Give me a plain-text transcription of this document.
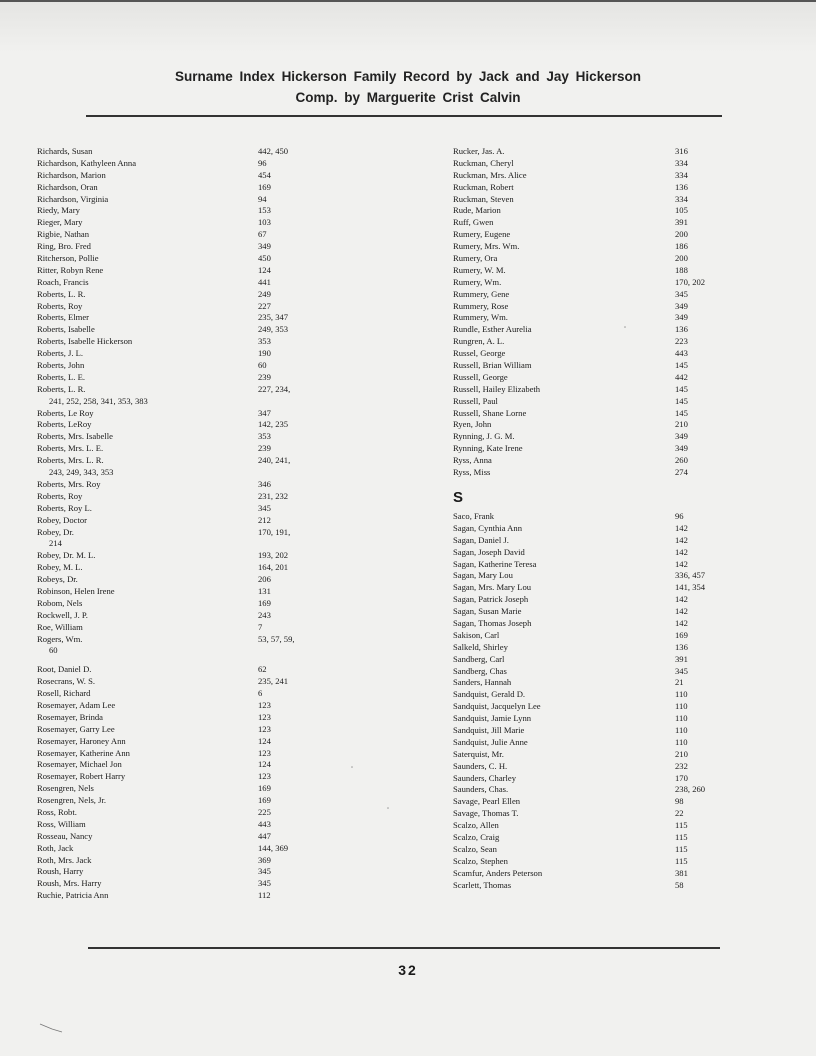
Surname Index Hickerson Family Record by Jack and Jay Hickerson
Comp. by Marguerite Crist Calvin
Richards, Susan	442, 450
Richardson, Kathyleen Anna	96
Richardson, Marion	454
Richardson, Oran	169
Richardson, Virginia	94
Riedy, Mary	153
Rieger, Mary	103
Rigbie, Nathan	67
Ring, Bro. Fred	349
Ritcherson, Pollie	450
Ritter, Robyn Rene	124
Roach, Francis	441
Roberts, L. R.	249
Roberts, Roy	227
Roberts, Elmer	235, 347
Roberts, Isabelle	249, 353
Roberts, Isabelle Hickerson	353
Roberts, J. L.	190
Roberts, John	60
Roberts, L. E.	239
Roberts, L. R.	227, 234,
241, 252, 258, 341, 353, 383
Roberts, Le Roy	347
Roberts, LeRoy	142, 235
Roberts, Mrs. Isabelle	353
Roberts, Mrs. L. E.	239
Roberts, Mrs. L. R.	240, 241,
243, 249, 343, 353
Roberts, Mrs. Roy	346
Roberts, Roy	231, 232
Roberts, Roy L.	345
Robey, Doctor	212
Robey, Dr.	170, 191,
214
Robey, Dr. M. L.	193, 202
Robey, M. L.	164, 201
Robeys, Dr.	206
Robinson, Helen Irene	131
Robom, Nels	169
Rockwell, J. P.	243
Roe, William	7
Rogers, Wm.	53, 57, 59,
60
Root, Daniel D.	62
Rosecrans, W. S.	235, 241
Rosell, Richard	6
Rosemayer, Adam Lee	123
Rosemayer, Brinda	123
Rosemayer, Garry Lee	123
Rosemayer, Haroney Ann	124
Rosemayer, Katherine Ann	123
Rosemayer, Michael Jon	124
Rosemayer, Robert Harry	123
Rosengren, Nels	169
Rosengren, Nels, Jr.	169
Ross, Robt.	225
Ross, William	443
Rosseau, Nancy	447
Roth, Jack	144, 369
Roth, Mrs. Jack	369
Roush, Harry	345
Roush, Mrs. Harry	345
Ruchie, Patricia Ann	112
Rucker, Jas. A.	316
Ruckman, Cheryl	334
Ruckman, Mrs. Alice	334
Ruckman, Robert	136
Ruckman, Steven	334
Rude, Marion	105
Ruff, Gwen	391
Rumery, Eugene	200
Rumery, Mrs. Wm.	186
Rumery, Ora	200
Rumery, W. M.	188
Rumery, Wm.	170, 202
Rummery, Gene	345
Rummery, Rose	349
Rummery, Wm.	349
Rundle, Esther Aurelia	136
Rungren, A. L.	223
Russel, George	443
Russell, Brian William	145
Russell, George	442
Russell, Hailey Elizabeth	145
Russell, Paul	145
Russell, Shane Lorne	145
Ryen, John	210
Rynning, J. G. M.	349
Rynning, Kate Irene	349
Ryss, Anna	260
Ryss, Miss	274
S
Saco, Frank	96
Sagan, Cynthia Ann	142
Sagan, Daniel J.	142
Sagan, Joseph David	142
Sagan, Katherine Teresa	142
Sagan, Mary Lou	336, 457
Sagan, Mrs. Mary Lou	141, 354
Sagan, Patrick Joseph	142
Sagan, Susan Marie	142
Sagan, Thomas Joseph	142
Sakison, Carl	169
Salkeld, Shirley	136
Sandberg, Carl	391
Sandberg, Chas	345
Sanders, Hannah	21
Sandquist, Gerald D.	110
Sandquist, Jacquelyn Lee	110
Sandquist, Jamie Lynn	110
Sandquist, Jill Marie	110
Sandquist, Julie Anne	110
Saterquist, Mr.	210
Saunders, C. H.	232
Saunders, Charley	170
Saunders, Chas.	238, 260
Savage, Pearl Ellen	98
Savage, Thomas T.	22
Scalzo, Allen	115
Scalzo, Craig	115
Scalzo, Sean	115
Scalzo, Stephen	115
Scamfur, Anders Peterson	381
Scarlett, Thomas	58
32
